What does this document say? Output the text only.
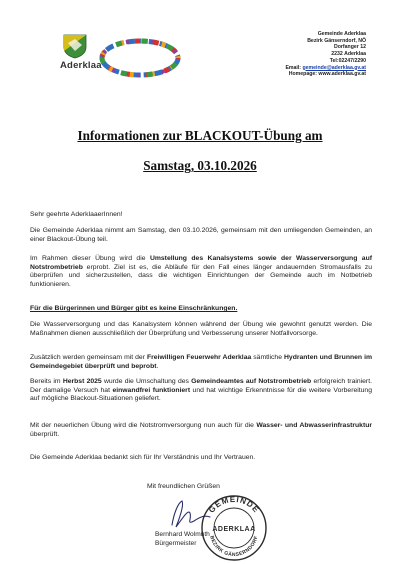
Aderklaa
Gemeinde Aderklaa
Bezirk Gänserndorf, NÖ
Dorfanger 12
2232 Aderklaa
Tel:02247/2290
Email: gemeinde@aderklaa.gv.at
Homepage: www.aderklaa.gv.at
Informationen zur BLACKOUT-Übung am
Samstag, 03.10.2026

Sehr geehrte AderklaaerInnen!

Die Gemeinde Aderklaa nimmt am Samstag, den 03.10.2026, gemeinsam mit den umliegenden Gemeinden, an einer Blackout-Übung teil.

Im Rahmen dieser Übung wird die Umstellung des Kanalsystems sowie der Wasserversorgung auf Notstrombetrieb erprobt. Ziel ist es, die Abläufe für den Fall eines länger andauernden Stromausfalls zu überprüfen und sicherzustellen, dass die wichtigen Einrichtungen der Gemeinde auch im Notbetrieb funktionieren.

Für die Bürgerinnen und Bürger gibt es keine Einschränkungen.

Die Wasserversorgung und das Kanalsystem können während der Übung wie gewohnt genutzt werden. Die Maßnahmen dienen ausschließlich der Überprüfung und Verbesserung unserer Notfallvorsorge.

Zusätzlich werden gemeinsam mit der Freiwilligen Feuerwehr Aderklaa sämtliche Hydranten und Brunnen im Gemeindegebiet überprüft und beprobt.

Bereits im Herbst 2025 wurde die Umschaltung des Gemeindeamtes auf Notstrombetrieb erfolgreich trainiert. Der damalige Versuch hat einwandfrei funktioniert und hat wichtige Erkenntnisse für die weitere Vorbereitung auf mögliche Blackout-Situationen geliefert.

Mit der neuerlichen Übung wird die Notstromversorgung nun auch für die Wasser- und Abwasserinfrastruktur überprüft.

Die Gemeinde Aderklaa bedankt sich für Ihr Verständnis und Ihr Vertrauen.

Mit freundlichen Grüßen
Bernhard Wolmuth
Bürgermeister
GEMEINDE
ADERKLAA
BEZIRK GÄNSERNDORF
